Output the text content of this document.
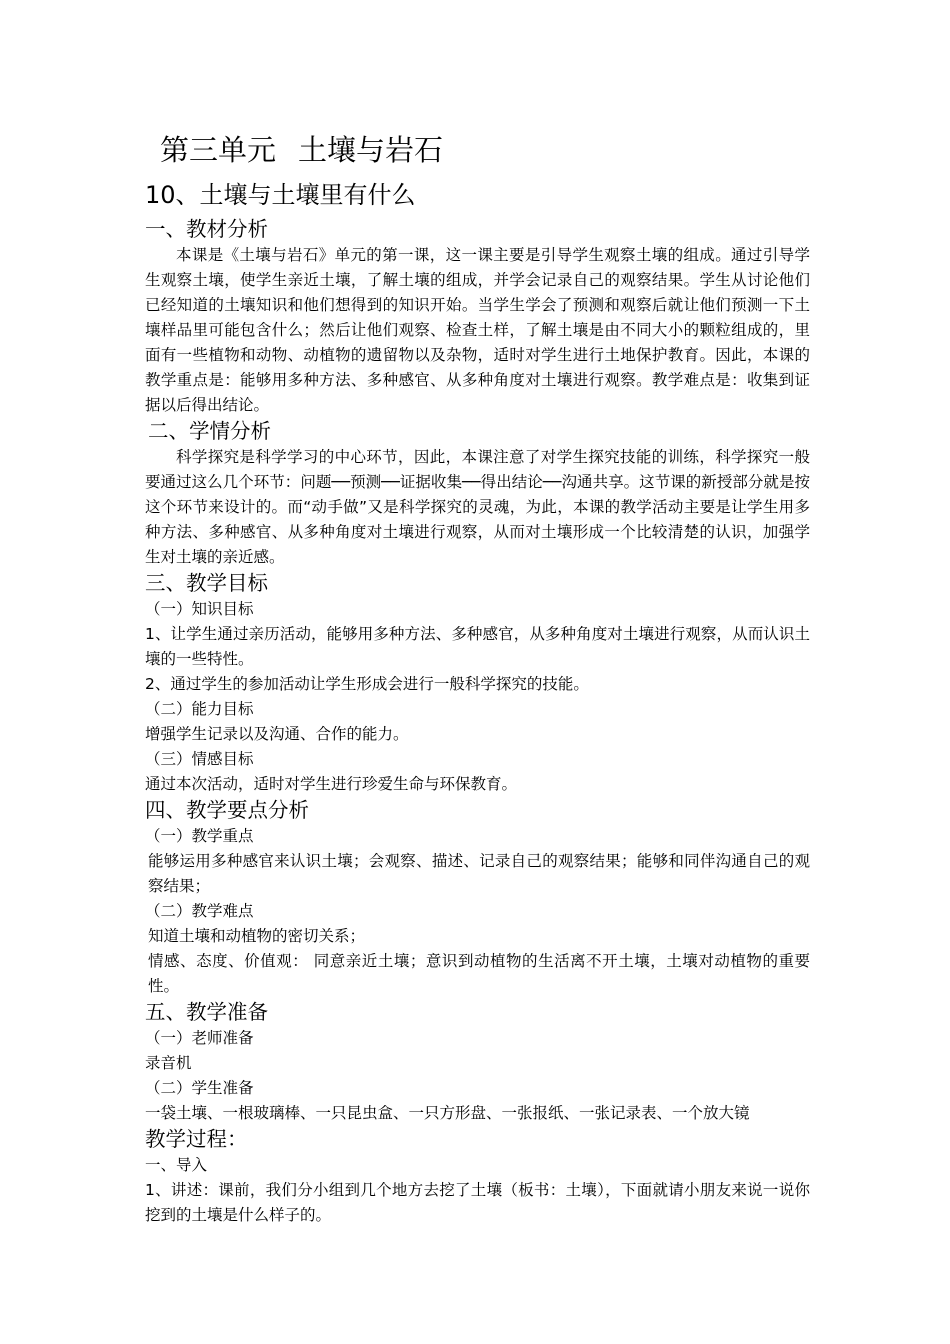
第三单元 土壤与岩石
10、土壤与土壤里有什么
一、教材分析

本课是《土壤与岩石》单元的第一课，这一课主要是引导学生观察土壤的组成。通过引导学生观察土壤，使学生亲近土壤，了解土壤的组成，并学会记录自己的观察结果。学生从讨论他们已经知道的土壤知识和他们想得到的知识开始。当学生学会了预测和观察后就让他们预测一下土壤样品里可能包含什么；然后让他们观察、检查土样，了解土壤是由不同大小的颗粒组成的，里面有一些植物和动物、动植物的遗留物以及杂物，适时对学生进行土地保护教育。因此，本课的教学重点是：能够用多种方法、多种感官、从多种角度对土壤进行观察。教学难点是：收集到证据以后得出结论。

二、学情分析

科学探究是科学学习的中心环节，因此，本课注意了对学生探究技能的训练，科学探究一般要通过这么几个环节：问题──预测──证据收集──得出结论──沟通共享。这节课的新授部分就是按这个环节来设计的。而“动手做”又是科学探究的灵魂，为此，本课的教学活动主要是让学生用多种方法、多种感官、从多种角度对土壤进行观察，从而对土壤形成一个比较清楚的认识，加强学生对土壤的亲近感。

三、教学目标
（一）知识目标

1、让学生通过亲历活动，能够用多种方法、多种感官，从多种角度对土壤进行观察，从而认识土壤的一些特性。

2、通过学生的参加活动让学生形成会进行一般科学探究的技能。

（二）能力目标

增强学生记录以及沟通、合作的能力。

（三）情感目标

通过本次活动，适时对学生进行珍爱生命与环保教育。

四、教学要点分析
（一）教学重点

能够运用多种感官来认识土壤；会观察、描述、记录自己的观察结果；能够和同伴沟通自己的观察结果；

（二）教学难点

知道土壤和动植物的密切关系；

情感、态度、价值观： 同意亲近土壤；意识到动植物的生活离不开土壤，土壤对动植物的重要性。

五、教学准备
（一）老师准备

录音机

（二）学生准备

一袋土壤、一根玻璃棒、一只昆虫盒、一只方形盘、一张报纸、一张记录表、一个放大镜

教学过程：
一、导入

1、讲述：课前，我们分小组到几个地方去挖了土壤（板书：土壤），下面就请小朋友来说一说你挖到的土壤是什么样子的。
